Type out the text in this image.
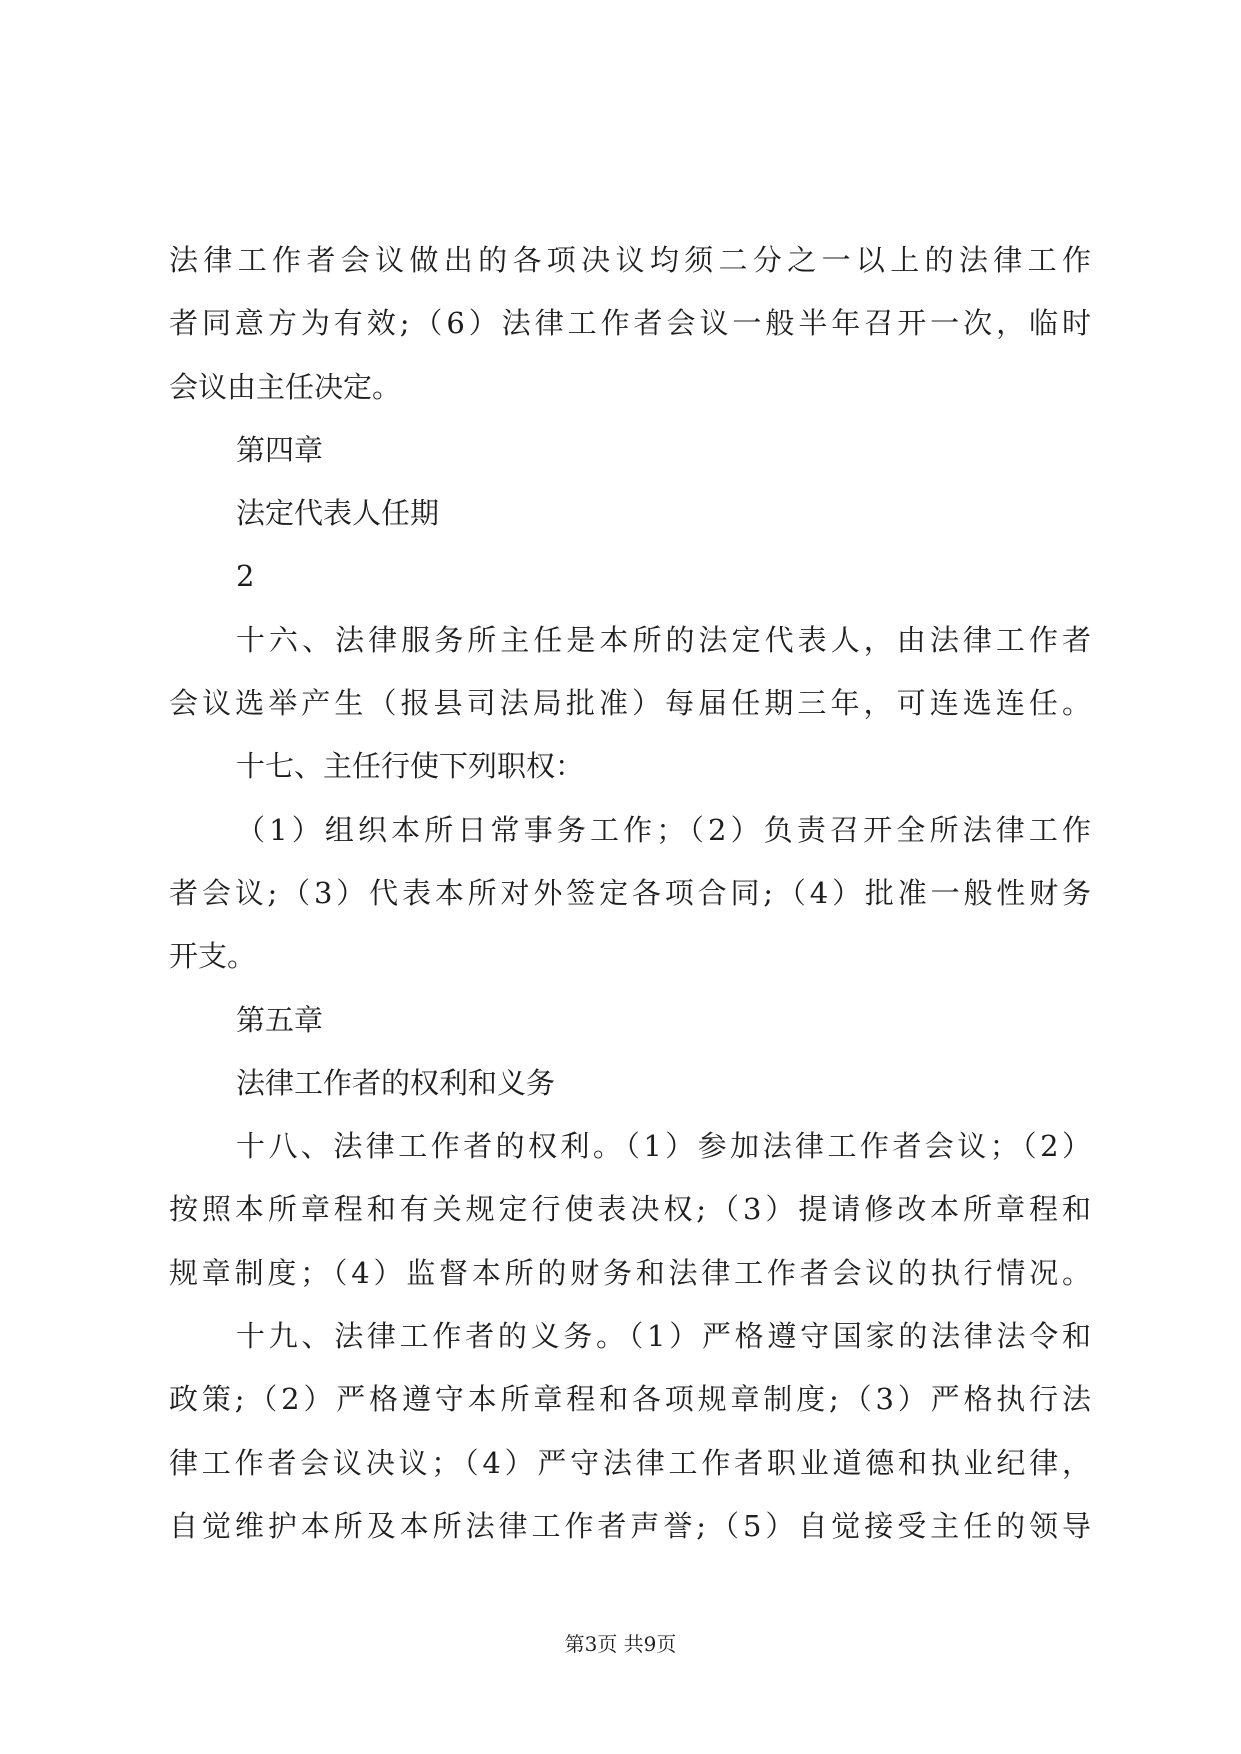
法律工作者会议做出的各项决议均须二分之一以上的法律工作
者同意方为有效;（6）法律工作者会议一般半年召开一次，临时
会议由主任决定。
第四章
法定代表人任期
2
十六、法律服务所主任是本所的法定代表人，由法律工作者
会议选举产生（报县司法局批准）每届任期三年，可连选连任。
十七、主任行使下列职权：
（1）组织本所日常事务工作；（2）负责召开全所法律工作
者会议;（3）代表本所对外签定各项合同;（4）批准一般性财务
开支。
第五章
法律工作者的权利和义务
十八、法律工作者的权利。（1）参加法律工作者会议；（2）
按照本所章程和有关规定行使表决权;（3）提请修改本所章程和
规章制度；（4）监督本所的财务和法律工作者会议的执行情况。
十九、法律工作者的义务。（1）严格遵守国家的法律法令和
政策;（2）严格遵守本所章程和各项规章制度;（3）严格执行法
律工作者会议决议；（4）严守法律工作者职业道德和执业纪律，
自觉维护本所及本所法律工作者声誉;（5）自觉接受主任的领导
第3页 共9页
